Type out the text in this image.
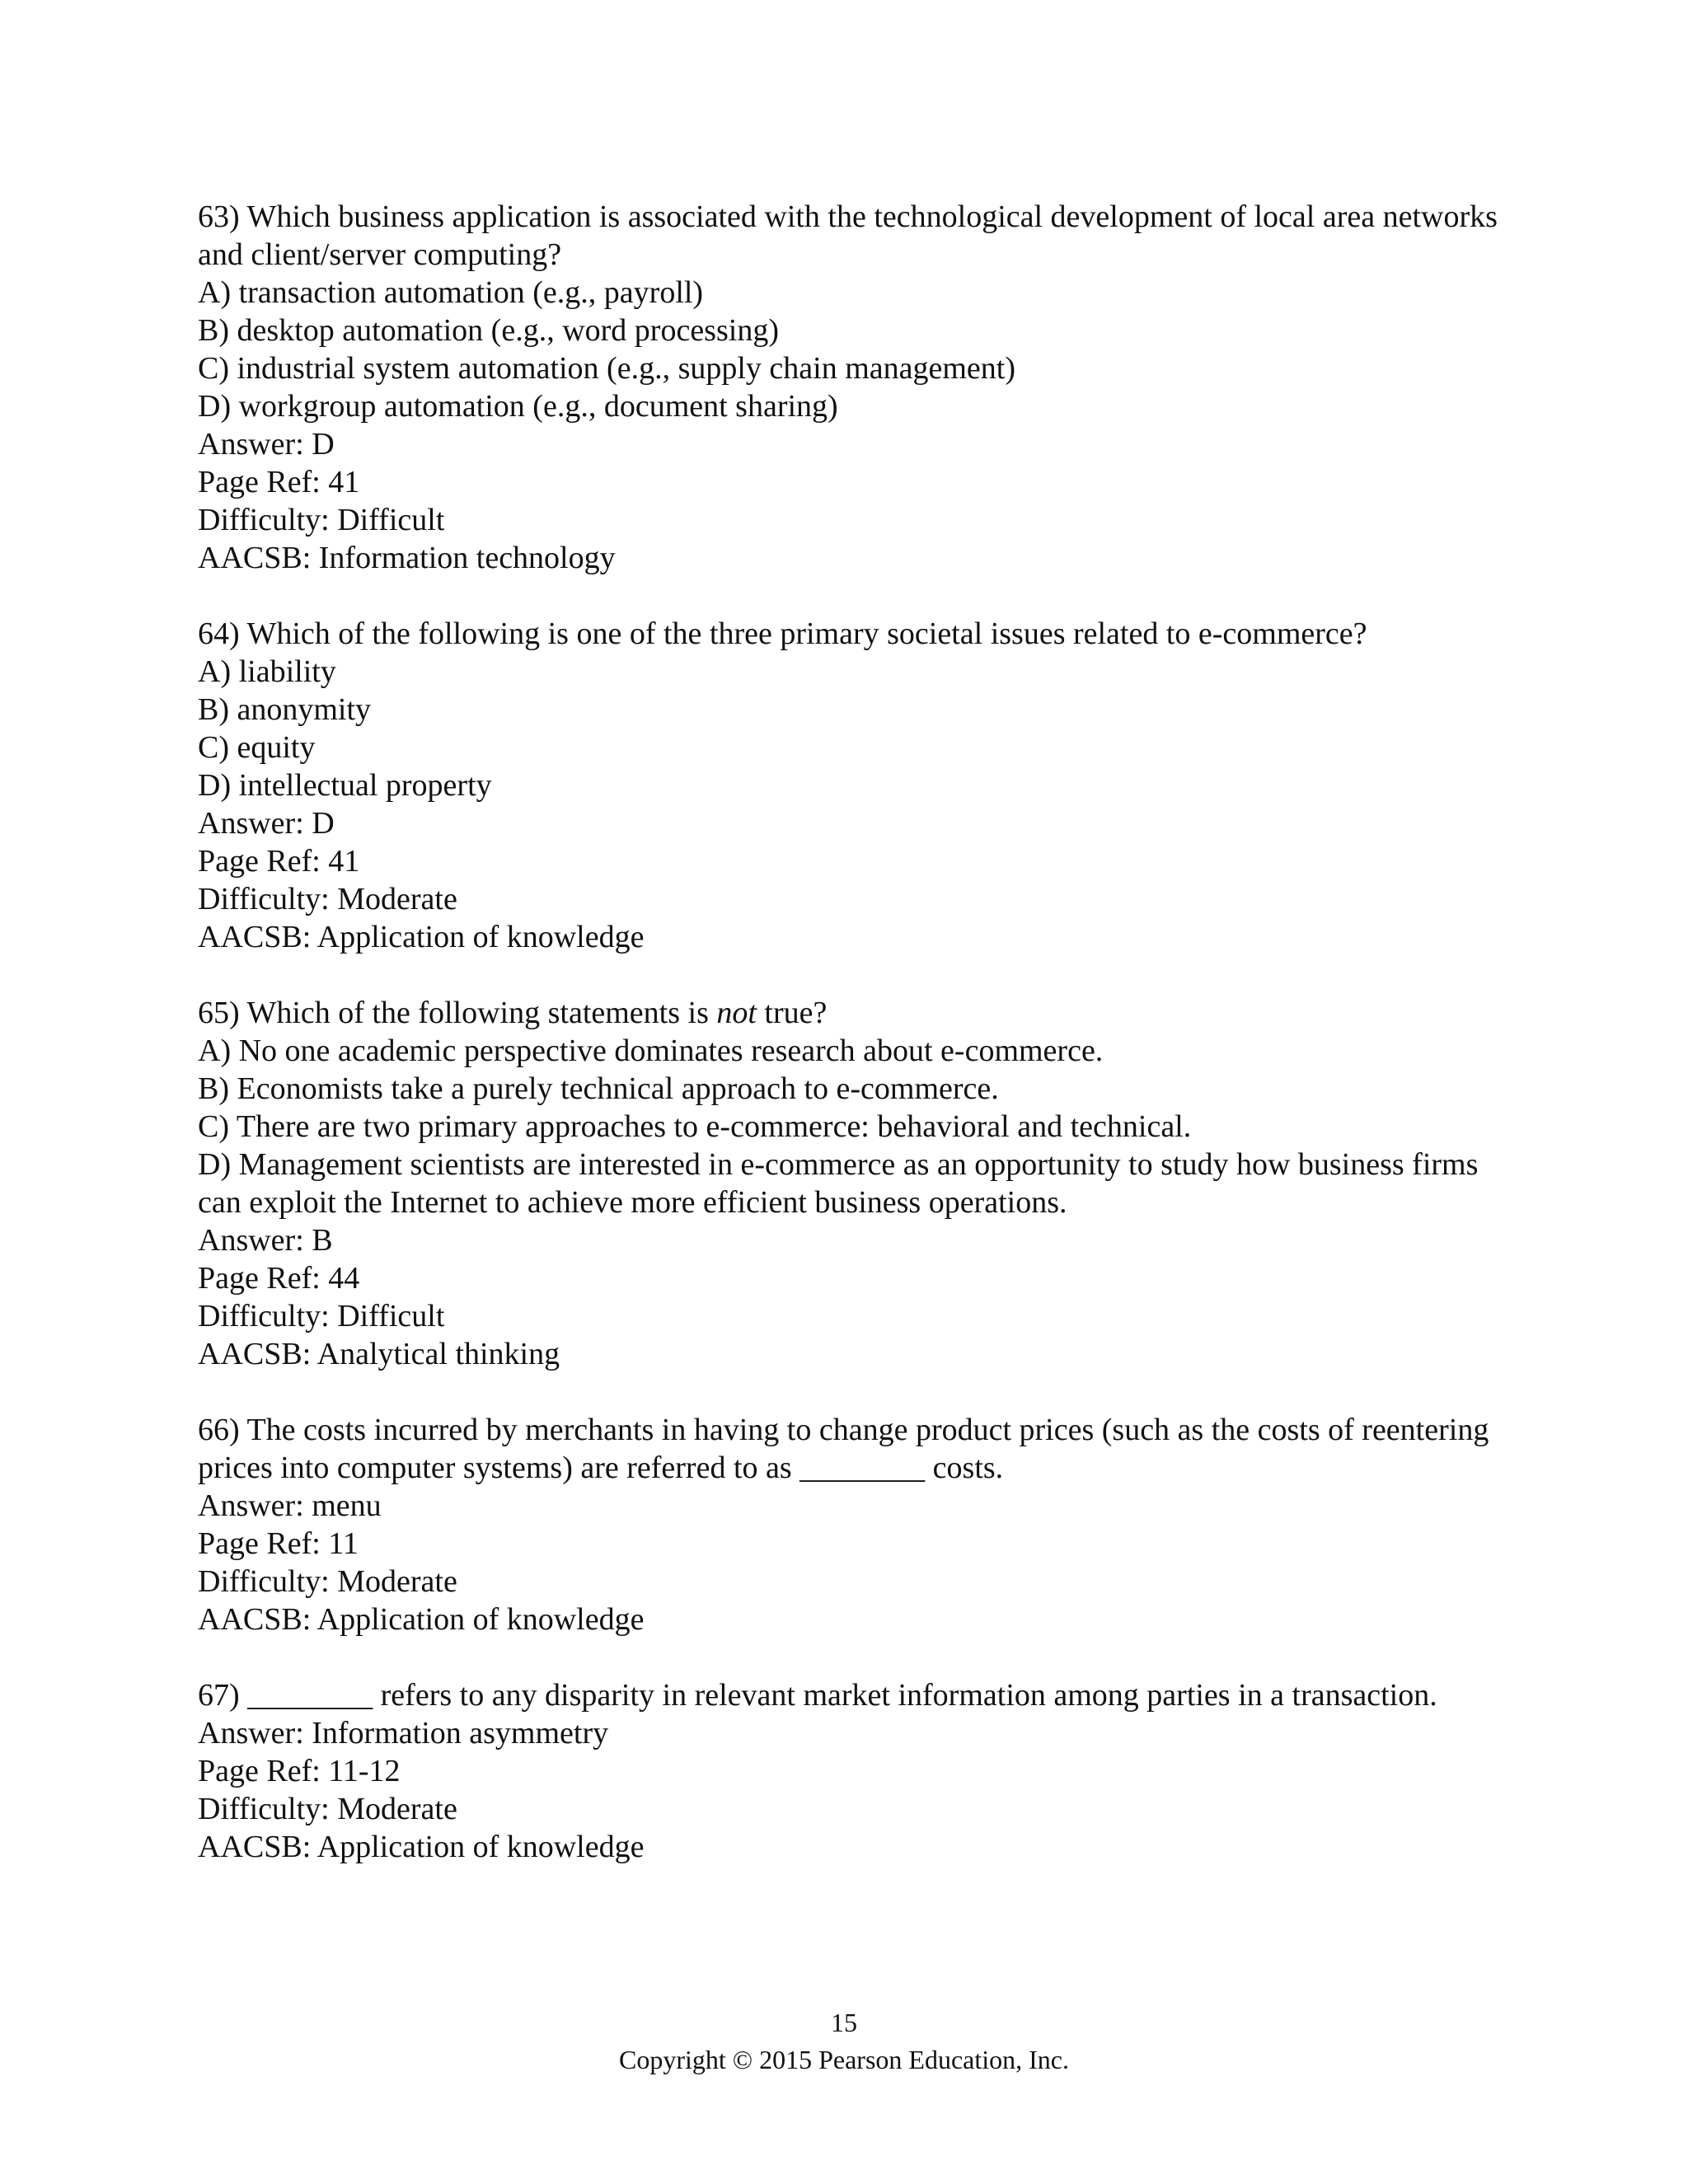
63) Which business application is associated with the technological development of local area networks and client/server computing?

A) transaction automation (e.g., payroll)

B) desktop automation (e.g., word processing)

C) industrial system automation (e.g., supply chain management)

D) workgroup automation (e.g., document sharing)

Answer: D

Page Ref: 41

Difficulty: Difficult

AACSB: Information technology

64) Which of the following is one of the three primary societal issues related to e-commerce?

A) liability

B) anonymity

C) equity

D) intellectual property

Answer: D

Page Ref: 41

Difficulty: Moderate

AACSB: Application of knowledge

65) Which of the following statements is not true?

A) No one academic perspective dominates research about e-commerce.

B) Economists take a purely technical approach to e-commerce.

C) There are two primary approaches to e-commerce: behavioral and technical.

D) Management scientists are interested in e-commerce as an opportunity to study how business firms can exploit the Internet to achieve more efficient business operations.

Answer: B

Page Ref: 44

Difficulty: Difficult

AACSB: Analytical thinking

66) The costs incurred by merchants in having to change product prices (such as the costs of reentering prices into computer systems) are referred to as ________ costs.

Answer: menu

Page Ref: 11

Difficulty: Moderate

AACSB: Application of knowledge

67) ________ refers to any disparity in relevant market information among parties in a transaction.

Answer: Information asymmetry

Page Ref: 11-12

Difficulty: Moderate

AACSB: Application of knowledge

15
Copyright © 2015 Pearson Education, Inc.
